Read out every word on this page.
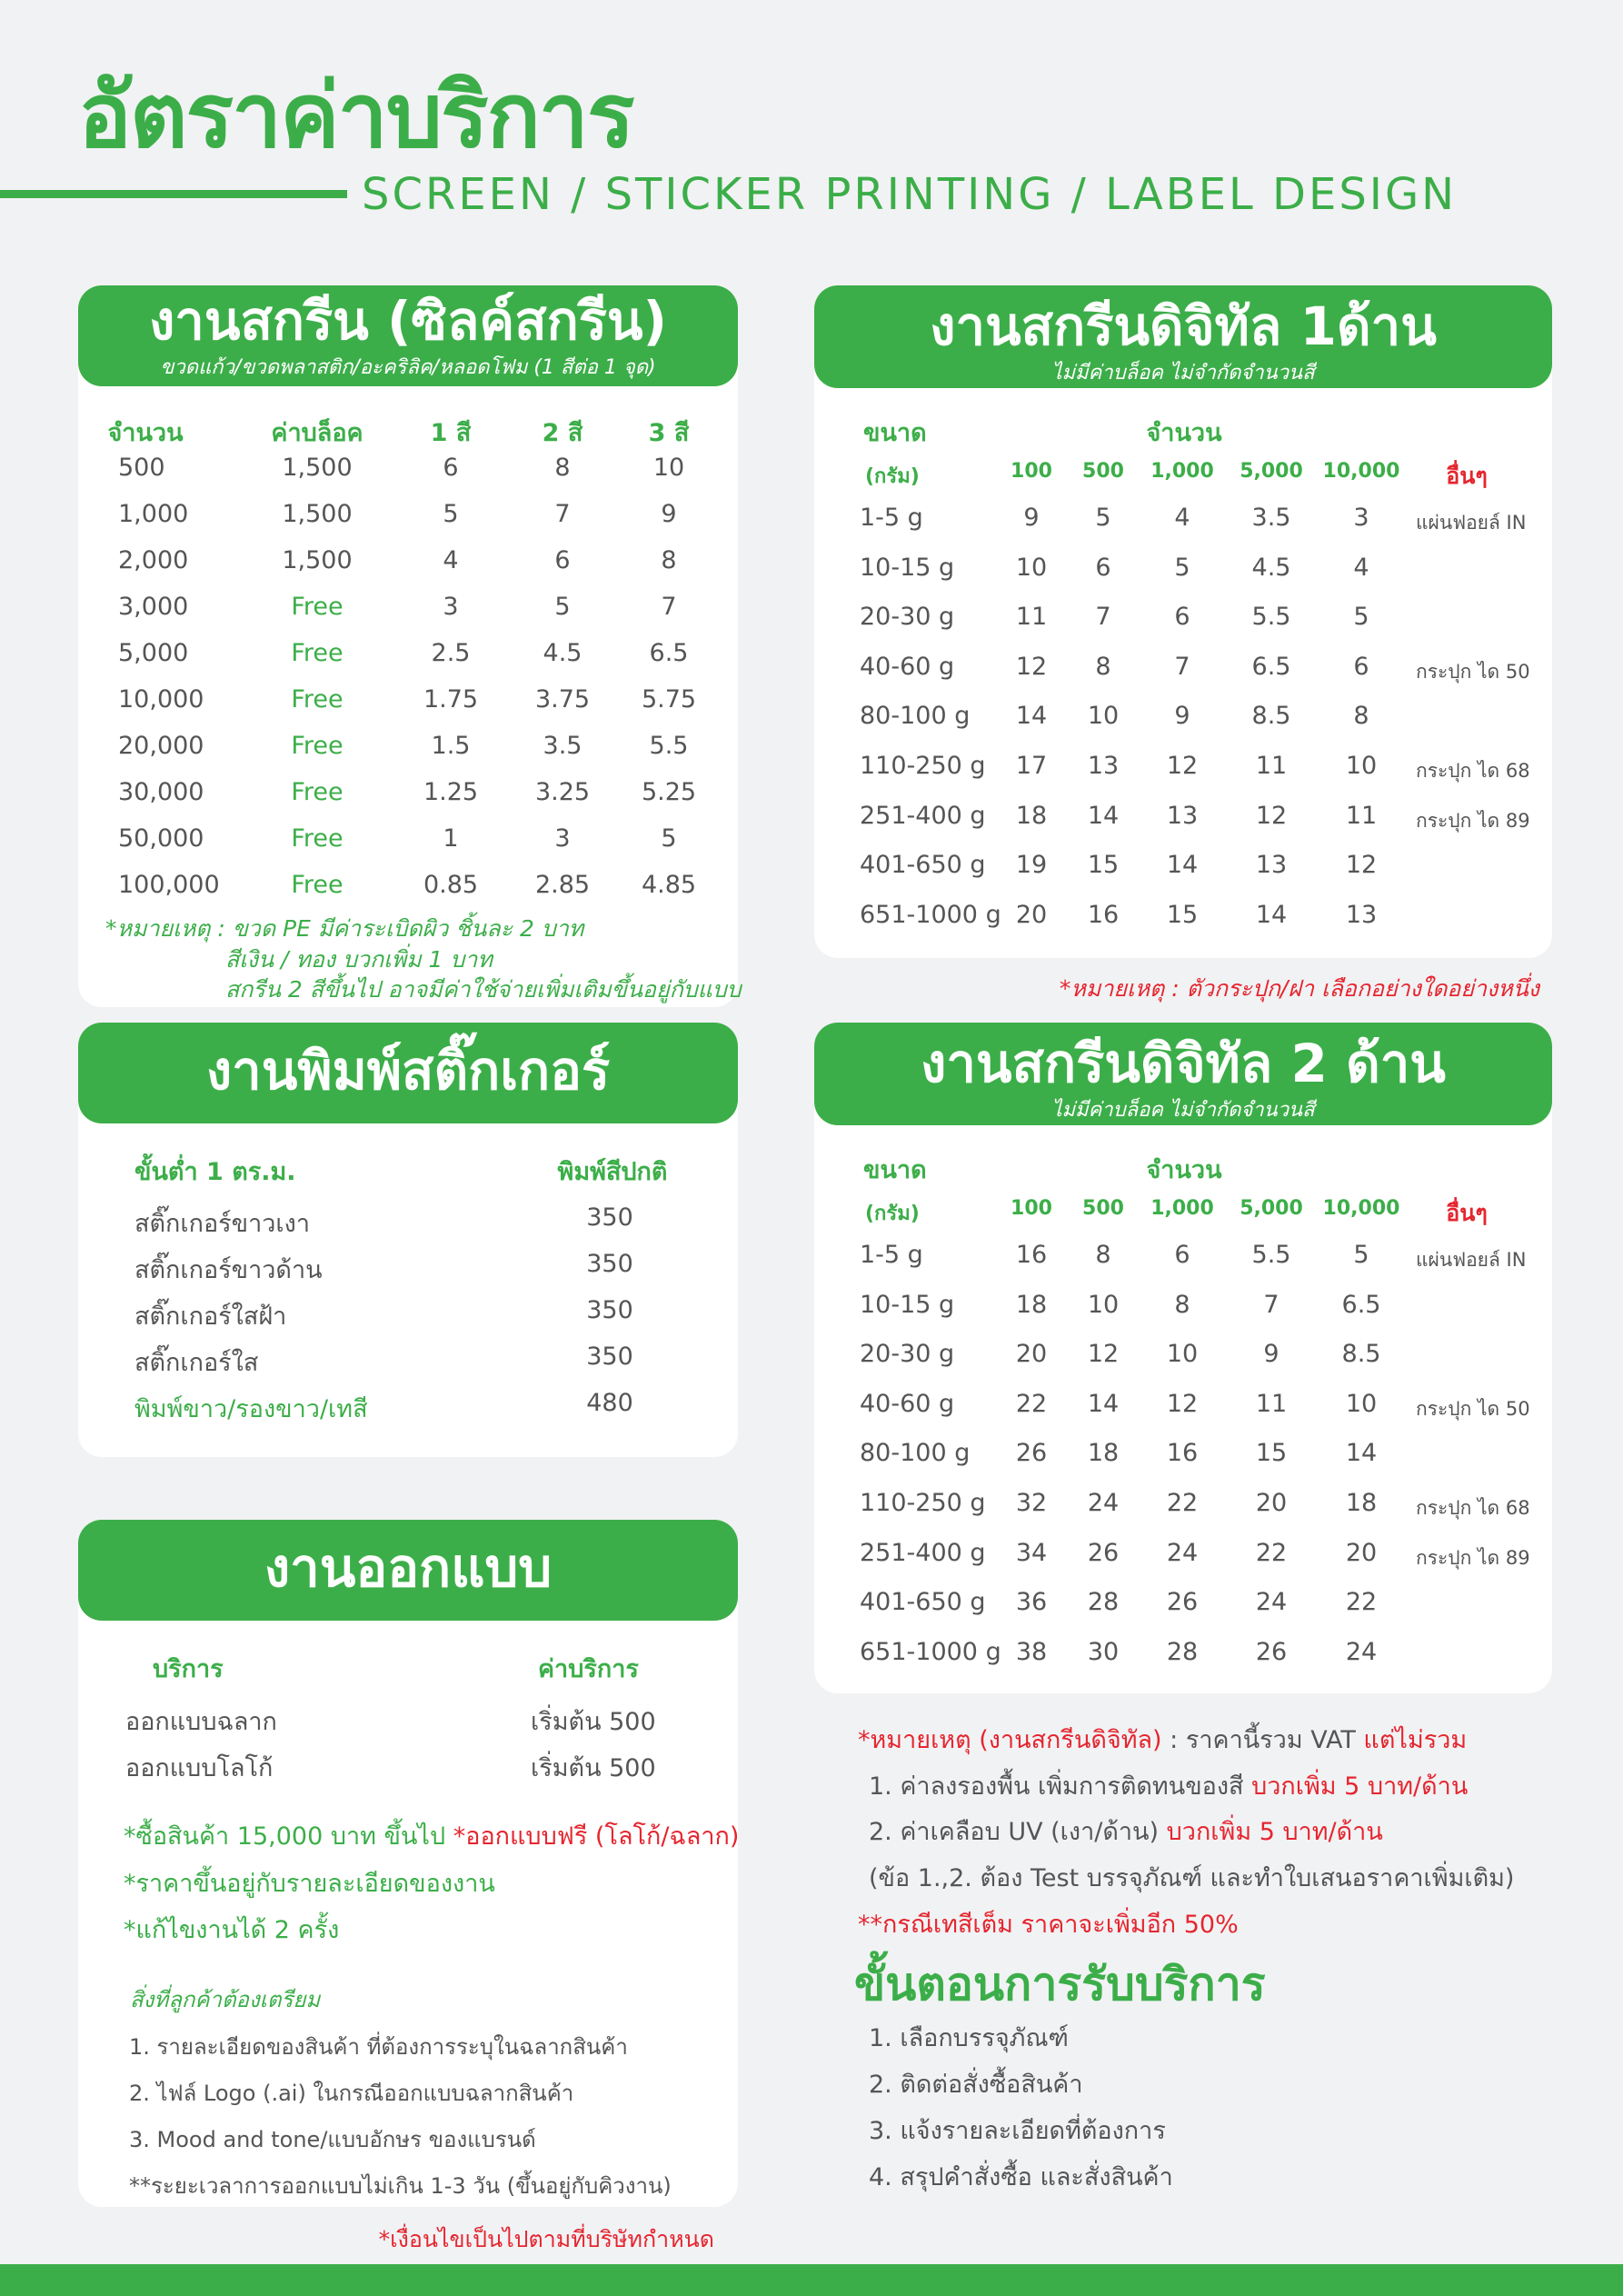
อัตราค่าบริการ
SCREEN / STICKER PRINTING / LABEL DESIGN
งานสกรีน (ซิลค์สกรีน)
ขวดแก้ว/ขวดพลาสติก/อะคริลิค/หลอดโฟม (1 สีต่อ 1 จุด)
จำนวน	ค่าบล็อค	1 สี	2 สี	3 สี
500	1,500	6	8	10
1,000	1,500	5	7	9
2,000	1,500	4	6	8
3,000	Free	3	5	7
5,000	Free	2.5	4.5	6.5
10,000	Free	1.75 3.75 5.75
20,000	Free	1.5	3.5	5.5
30,000	Free	1.25 3.25 5.25
50,000	Free	1	3	5
100,000	Free	0.85 2.85 4.85
*หมายเหตุ : ขวด PE มีค่าระเบิดผิว ชิ้นละ 2 บาท
สีเงิน / ทอง บวกเพิ่ม 1 บาท
สกรีน 2 สีขึ้นไป อาจมีค่าใช้จ่ายเพิ่มเติมขึ้นอยู่กับแบบ
งานสกรีนดิจิทัล 1ด้าน
ไม่มีค่าบล็อค ไม่จำกัดจำนวนสี
ขนาด	จำนวน
(กรัม)	100 500 1,000 5,000 10,000 อื่นๆ
1-5 g	9 5	4	3.5	3 แผ่นฟอยล์ IN
10-15 g	10 6	5	4.5	4
20-30 g	11 7	6	5.5	5
40-60 g	12 8	7	6.5	6 กระปุก ได 50
80-100 g 14 10 9	8.5	8
110-250 g 17 13 12 11 10 กระปุก ได 68
251-400 g 18 14 13 12 11 กระปุก ได 89
401-650 g 19 15 14 13 12
651-1000 g 20 16 15 14 13
*หมายเหตุ : ตัวกระปุก/ฝา เลือกอย่างใดอย่างหนึ่ง
งานพิมพ์สติ๊กเกอร์
ขั้นต่ำ 1 ตร.ม.	พิมพ์สีปกติ
สติ๊กเกอร์ขาวเงา	350
สติ๊กเกอร์ขาวด้าน	350
สติ๊กเกอร์ใสฝ้า	350
สติ๊กเกอร์ใส	350
พิมพ์ขาว/รองขาว/เทสี	480
งานสกรีนดิจิทัล 2 ด้าน
ไม่มีค่าบล็อค ไม่จำกัดจำนวนสี
ขนาด	จำนวน
(กรัม)	100 500 1,000 5,000 10,000 อื่นๆ
1-5 g	16 8	6	5.5	5 แผ่นฟอยล์ IN
10-15 g	18 10 8	7	6.5
20-30 g	20 12 10	9	8.5
40-60 g	22 14 12 11 10 กระปุก ได 50
80-100 g 26 18 16 15 14
110-250 g 32 24 22 20 18 กระปุก ได 68
251-400 g 34 26 24 22 20 กระปุก ได 89
401-650 g 36 28 26 24 22
651-1000 g 38 30 28 26 24
งานออกแบบ
บริการ	ค่าบริการ
ออกแบบฉลาก	เริ่มต้น 500
ออกแบบโลโก้	เริ่มต้น 500
*ซื้อสินค้า 15,000 บาท ขึ้นไป *ออกแบบฟรี (โลโก้/ฉลาก)
*ราคาขึ้นอยู่กับรายละเอียดของงาน
*แก้ไขงานได้ 2 ครั้ง
สิ่งที่ลูกค้าต้องเตรียม
1. รายละเอียดของสินค้า ที่ต้องการระบุในฉลากสินค้า
2. ไฟล์ Logo (.ai) ในกรณีออกแบบฉลากสินค้า
3. Mood and tone/แบบอักษร ของแบรนด์
**ระยะเวลาการออกแบบไม่เกิน 1-3 วัน (ขึ้นอยู่กับคิวงาน)
*เงื่อนไขเป็นไปตามที่บริษัทกำหนด
*หมายเหตุ (งานสกรีนดิจิทัล) : ราคานี้รวม VAT แต่ไม่รวม
1. ค่าลงรองพื้น เพิ่มการติดทนของสี บวกเพิ่ม 5 บาท/ด้าน
2. ค่าเคลือบ UV (เงา/ด้าน) บวกเพิ่ม 5 บาท/ด้าน
(ข้อ 1.,2. ต้อง Test บรรจุภัณฑ์ และทำใบเสนอราคาเพิ่มเติม)
**กรณีเทสีเต็ม ราคาจะเพิ่มอีก 50%
ขั้นตอนการรับบริการ
1. เลือกบรรจุภัณฑ์
2. ติดต่อสั่งซื้อสินค้า
3. แจ้งรายละเอียดที่ต้องการ
4. สรุปคำสั่งซื้อ และสั่งสินค้า
